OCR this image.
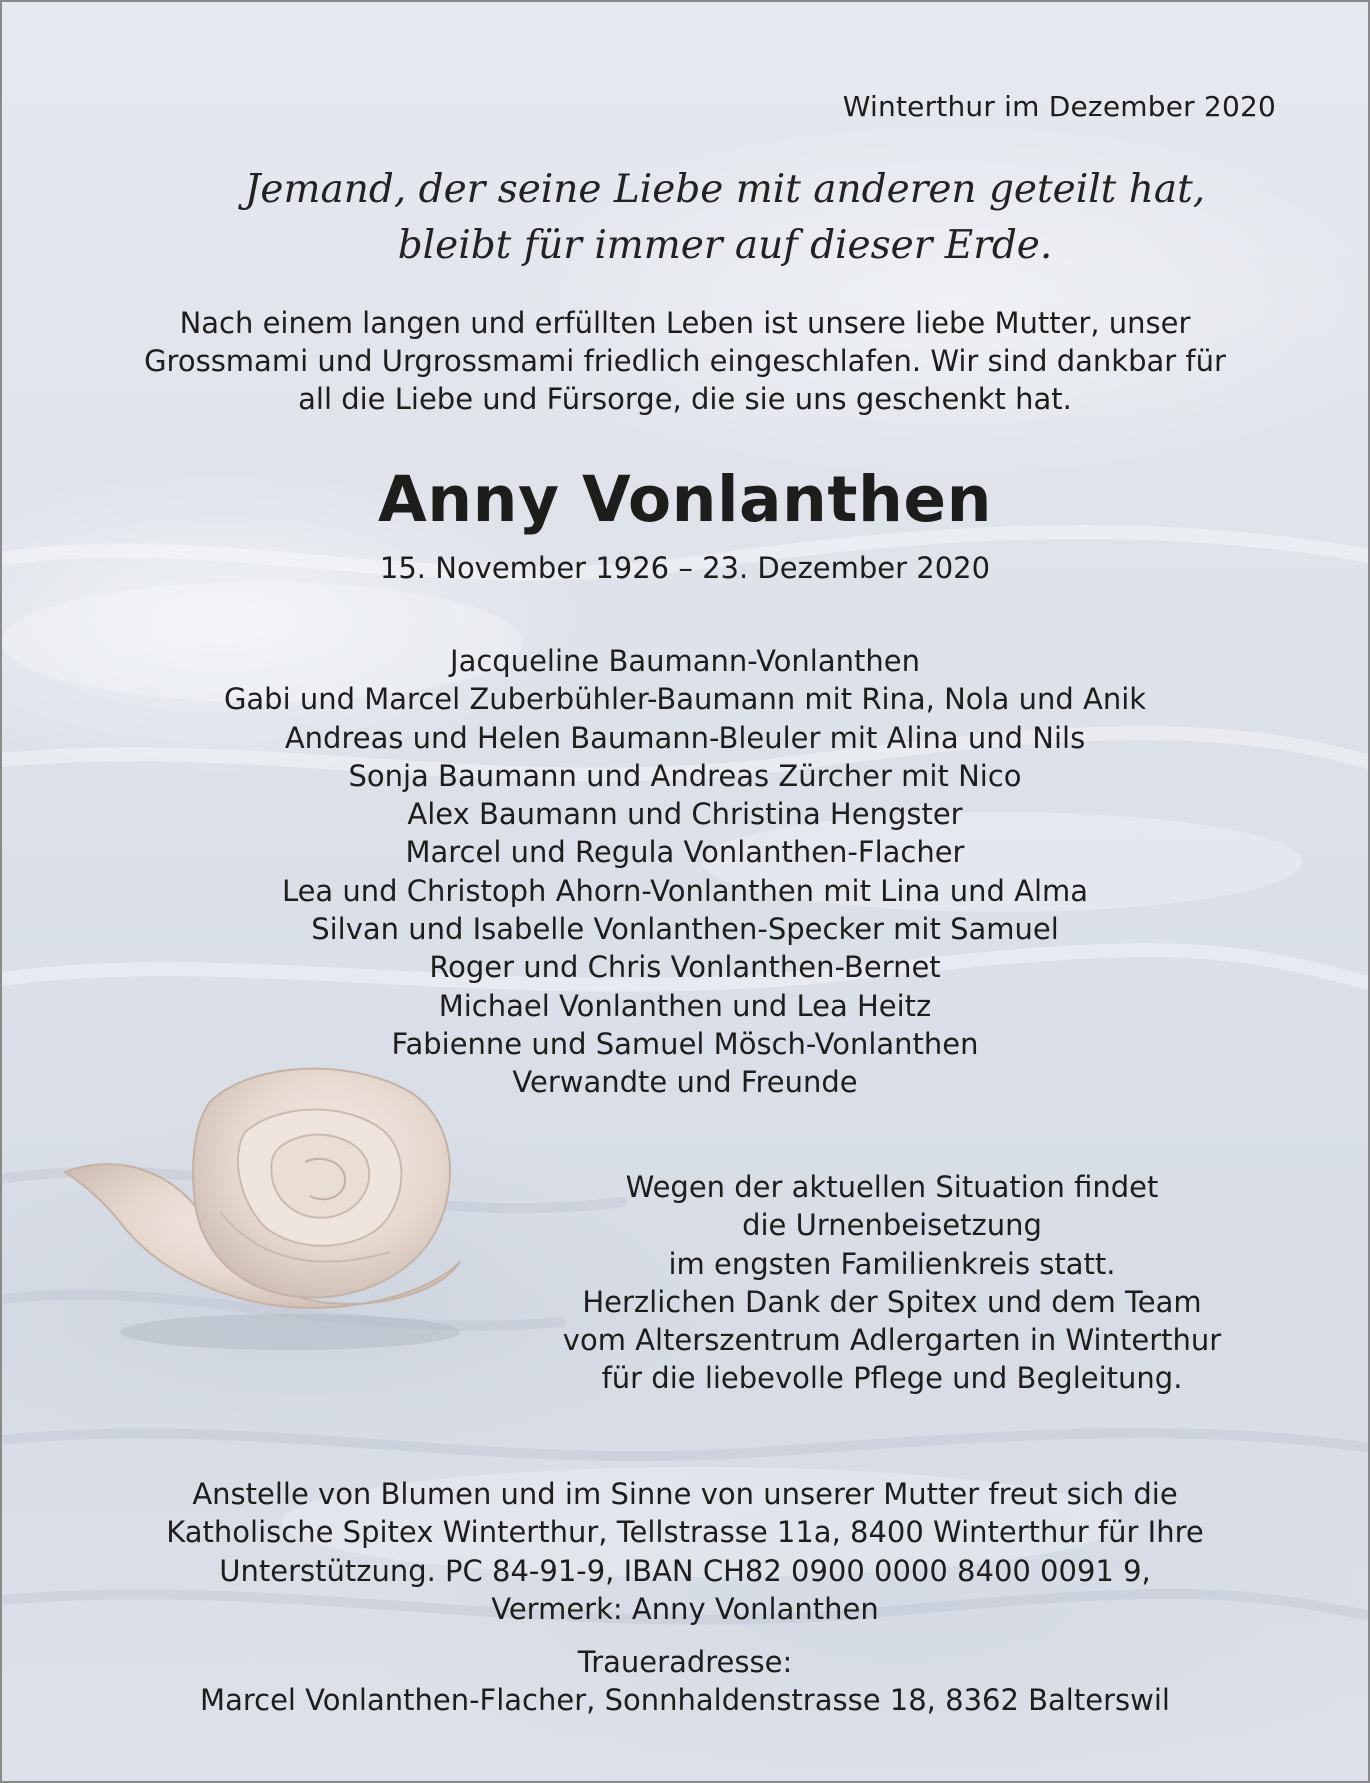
Winterthur im Dezember 2020
Jemand, der seine Liebe mit anderen geteilt hat,
bleibt für immer auf dieser Erde.
Nach einem langen und erfüllten Leben ist unsere liebe Mutter, unser
Grossmami und Urgrossmami friedlich eingeschlafen. Wir sind dankbar für
all die Liebe und Fürsorge, die sie uns geschenkt hat.
Anny Vonlanthen
15. November 1926 – 23. Dezember 2020
Jacqueline Baumann-Vonlanthen
Gabi und Marcel Zuberbühler-Baumann mit Rina, Nola und Anik
Andreas und Helen Baumann-Bleuler mit Alina und Nils
Sonja Baumann und Andreas Zürcher mit Nico
Alex Baumann und Christina Hengster
Marcel und Regula Vonlanthen-Flacher
Lea und Christoph Ahorn-Vonlanthen mit Lina und Alma
Silvan und Isabelle Vonlanthen-Specker mit Samuel
Roger und Chris Vonlanthen-Bernet
Michael Vonlanthen und Lea Heitz
Fabienne und Samuel Mösch-Vonlanthen
Verwandte und Freunde
Wegen der aktuellen Situation findet
die Urnenbeisetzung
im engsten Familienkreis statt.
Herzlichen Dank der Spitex und dem Team
vom Alterszentrum Adlergarten in Winterthur
für die liebevolle Pflege und Begleitung.
Anstelle von Blumen und im Sinne von unserer Mutter freut sich die
Katholische Spitex Winterthur, Tellstrasse 11a, 8400 Winterthur für Ihre
Unterstützung. PC 84-91-9, IBAN CH82 0900 0000 8400 0091 9,
Vermerk: Anny Vonlanthen
Traueradresse:
Marcel Vonlanthen-Flacher, Sonnhaldenstrasse 18, 8362 Balterswil
